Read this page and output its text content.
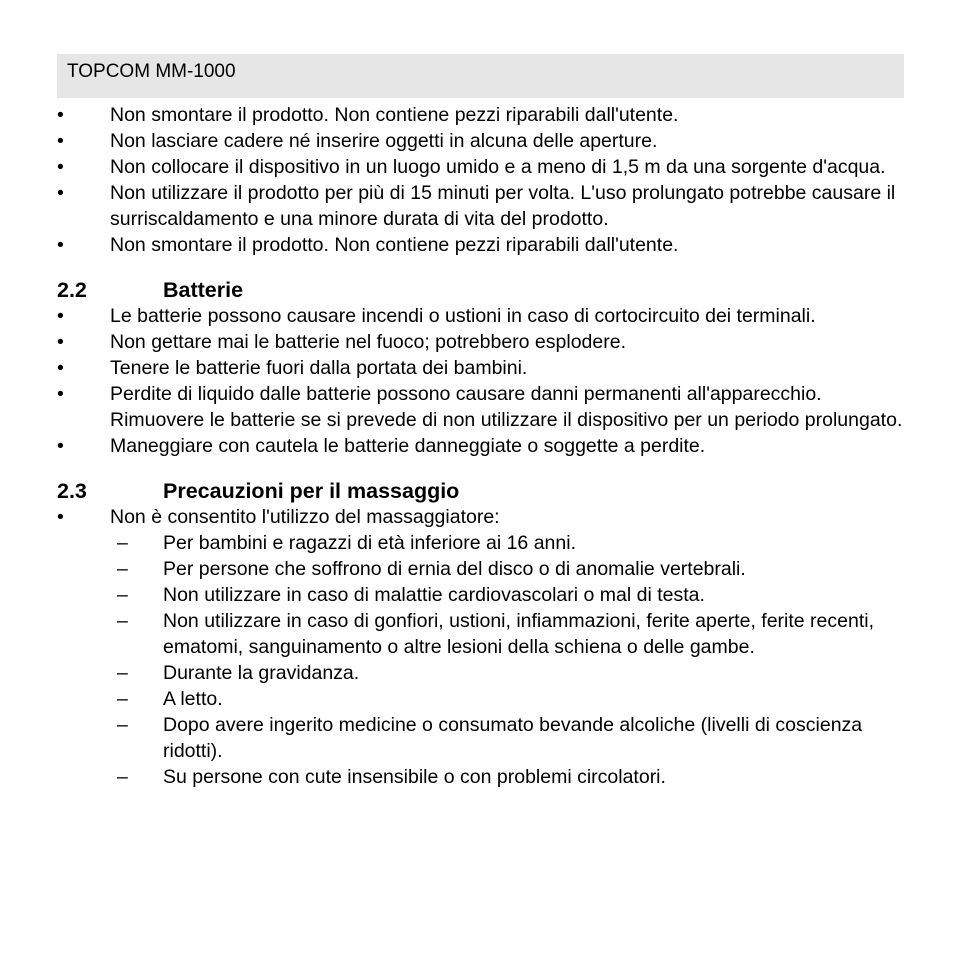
TOPCOM MM-1000
• Non smontare il prodotto. Non contiene pezzi riparabili dall'utente.
• Non lasciare cadere né inserire oggetti in alcuna delle aperture.
• Non collocare il dispositivo in un luogo umido e a meno di 1,5 m da una sorgente d'acqua.
• Non utilizzare il prodotto per più di 15 minuti per volta. L'uso prolungato potrebbe causare il surriscaldamento e una minore durata di vita del prodotto.
• Non smontare il prodotto. Non contiene pezzi riparabili dall'utente.
2.2	Batterie
• Le batterie possono causare incendi o ustioni in caso di cortocircuito dei terminali.
• Non gettare mai le batterie nel fuoco; potrebbero esplodere.
• Tenere le batterie fuori dalla portata dei bambini.
• Perdite di liquido dalle batterie possono causare danni permanenti all'apparecchio. Rimuovere le batterie se si prevede di non utilizzare il dispositivo per un periodo prolungato.
• Maneggiare con cautela le batterie danneggiate o soggette a perdite.
2.3	Precauzioni per il massaggio
• Non è consentito l'utilizzo del massaggiatore:
– Per bambini e ragazzi di età inferiore ai 16 anni.
– Per persone che soffrono di ernia del disco o di anomalie vertebrali.
– Non utilizzare in caso di malattie cardiovascolari o mal di testa.
– Non utilizzare in caso di gonfiori, ustioni, infiammazioni, ferite aperte, ferite recenti, ematomi, sanguinamento o altre lesioni della schiena o delle gambe.
– Durante la gravidanza.
– A letto.
– Dopo avere ingerito medicine o consumato bevande alcoliche (livelli di coscienza ridotti).
– Su persone con cute insensibile o con problemi circolatori.
